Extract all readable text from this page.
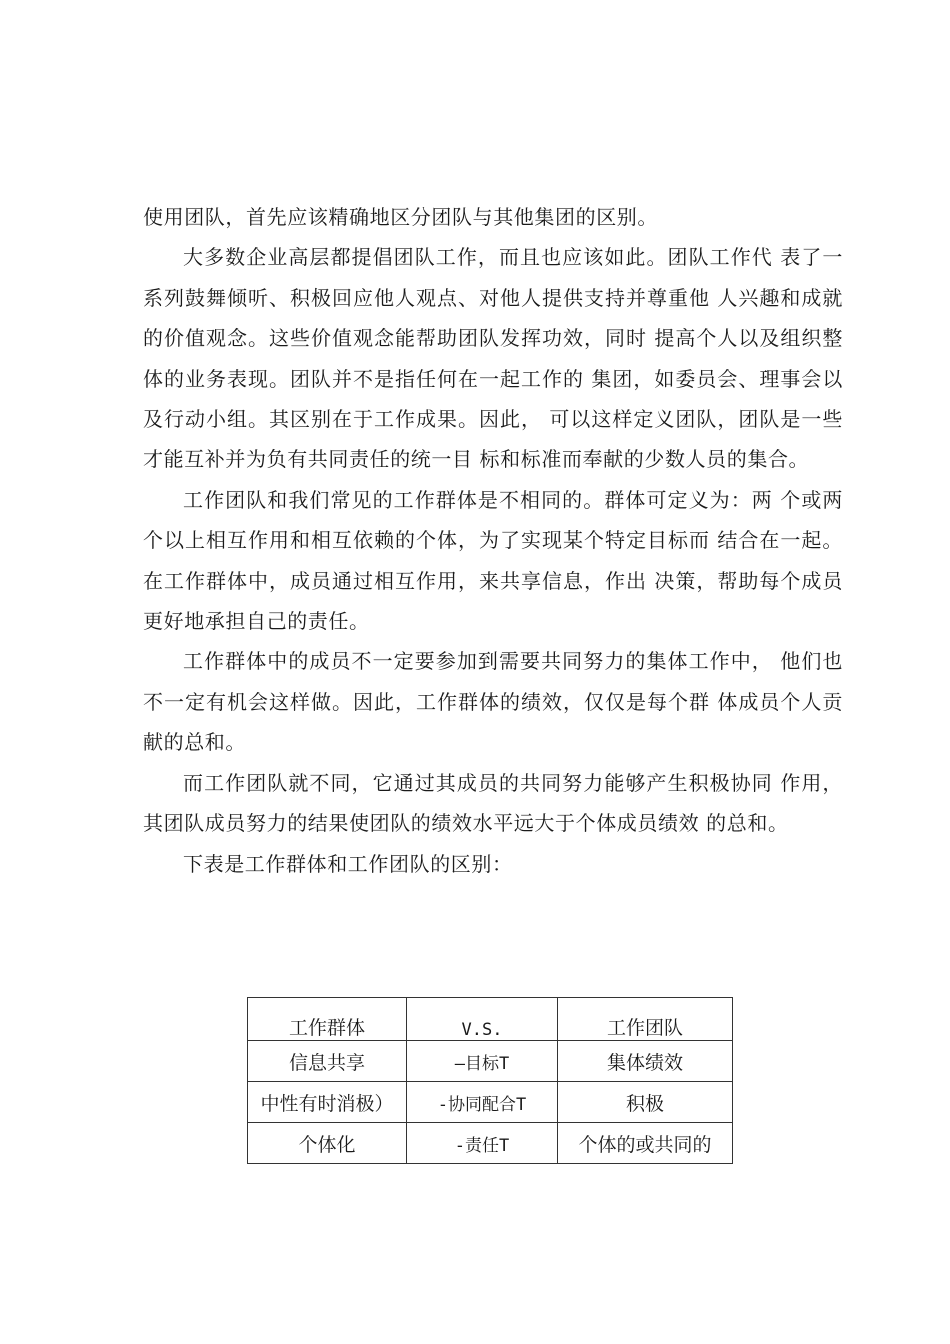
使用团队，首先应该精确地区分团队与其他集团的区别。

大多数企业高层都提倡团队工作，而且也应该如此。团队工作代 表了一系列鼓舞倾听、积极回应他人观点、对他人提供支持并尊重他 人兴趣和成就的价值观念。这些价值观念能帮助团队发挥功效，同时 提高个人以及组织整体的业务表现。团队并不是指任何在一起工作的 集团，如委员会、理事会以及行动小组。其区别在于工作成果。因此， 可以这样定义团队，团队是一些才能互补并为负有共同责任的统一目 标和标准而奉献的少数人员的集合。

工作团队和我们常见的工作群体是不相同的。群体可定义为：两 个或两个以上相互作用和相互依赖的个体，为了实现某个特定目标而 结合在一起。在工作群体中，成员通过相互作用，来共享信息，作出 决策，帮助每个成员更好地承担自己的责任。

工作群体中的成员不一定要参加到需要共同努力的集体工作中， 他们也不一定有机会这样做。因此，工作群体的绩效，仅仅是每个群 体成员个人贡献的总和。

而工作团队就不同，它通过其成员的共同努力能够产生积极协同 作用，其团队成员努力的结果使团队的绩效水平远大于个体成员绩效 的总和。

下表是工作群体和工作团队的区别：

工作群体	V.S.	工作团队
信息共享	—目标T	集体绩效
中性有时消极）	-协同配合T	积极
个体化	-责任T	个体的或共同的
